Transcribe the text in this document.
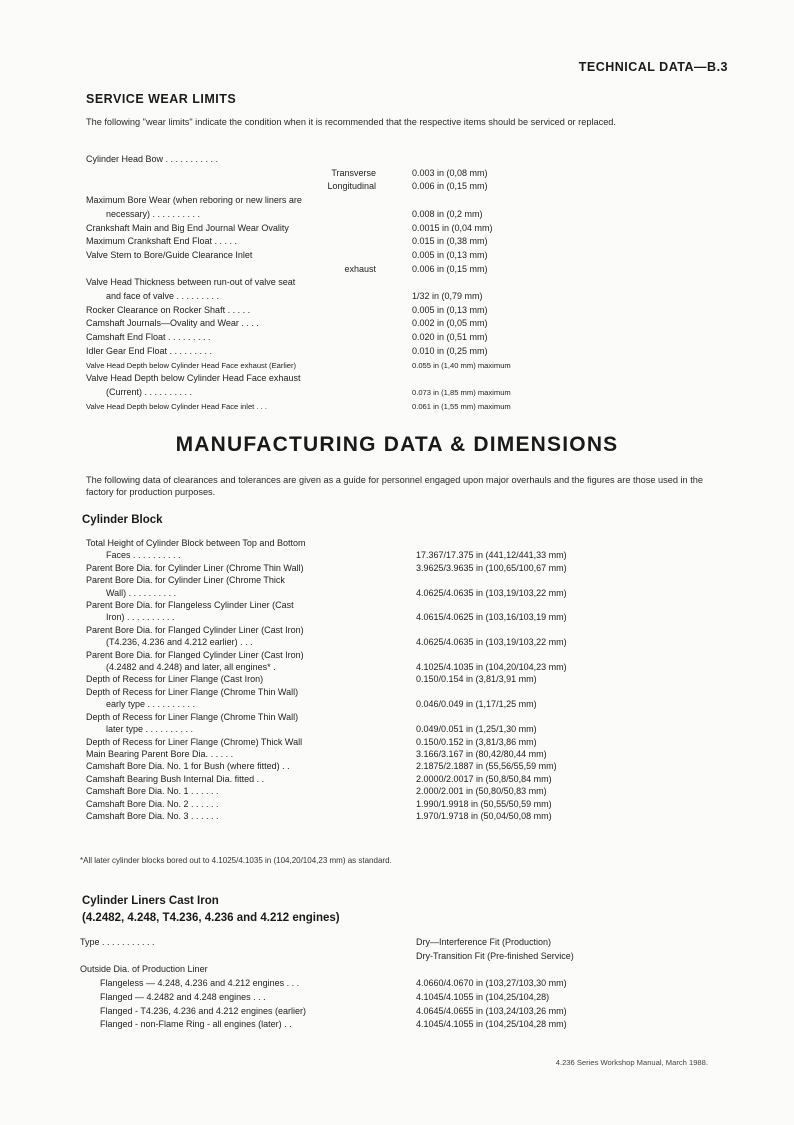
TECHNICAL DATA—B.3
SERVICE WEAR LIMITS
The following "wear limits" indicate the condition when it is recommended that the respective items should be serviced or replaced.
Cylinder Head Bow . . . . . . . . . . .
Transverse	0.003 in (0,08 mm)
Longitudinal	0.006 in (0,15 mm)
Maximum Bore Wear (when reboring or new liners are
necessary) . . . . . . . . . .	0.008 in (0,2 mm)
Crankshaft Main and Big End Journal Wear Ovality	0.0015 in (0,04 mm)
Maximum Crankshaft End Float . . . . .	0.015 in (0,38 mm)
Valve Stem to Bore/Guide Clearance Inlet	0.005 in (0,13 mm)
exhaust	0.006 in (0,15 mm)
Valve Head Thickness between run-out of valve seat
and face of valve . . . . . . . . .	1/32 in (0,79 mm)
Rocker Clearance on Rocker Shaft . . . . .	0.005 in (0,13 mm)
Camshaft Journals—Ovality and Wear . . . .	0.002 in (0,05 mm)
Camshaft End Float . . . . . . . . .	0.020 in (0,51 mm)
Idler Gear End Float . . . . . . . . .	0.010 in (0,25 mm)
Valve Head Depth below Cylinder Head Face exhaust (Earlier)	0.055 in (1,40 mm) maximum
Valve Head Depth below Cylinder Head Face exhaust
(Current) . . . . . . . . . .	0.073 in (1,85 mm) maximum
Valve Head Depth below Cylinder Head Face inlet . . .	0.061 in (1,55 mm) maximum
MANUFACTURING DATA & DIMENSIONS
The following data of clearances and tolerances are given as a guide for personnel engaged upon major overhauls and the figures are those used in the factory for production purposes.
Cylinder Block
Total Height of Cylinder Block between Top and Bottom
Faces . . . . . . . . . .	17.367/17.375 in (441,12/441,33 mm)
Parent Bore Dia. for Cylinder Liner (Chrome Thin Wall)	3.9625/3.9635 in (100,65/100,67 mm)
Parent Bore Dia. for Cylinder Liner (Chrome Thick
Wall) . . . . . . . . . .	4.0625/4.0635 in (103,19/103,22 mm)
Parent Bore Dia. for Flangeless Cylinder Liner (Cast
Iron) . . . . . . . . . .	4.0615/4.0625 in (103,16/103,19 mm)
Parent Bore Dia. for Flanged Cylinder Liner (Cast Iron)
(T4.236, 4.236 and 4.212 earlier) . . .	4.0625/4.0635 in (103,19/103,22 mm)
Parent Bore Dia. for Flanged Cylinder Liner (Cast Iron)
(4.2482 and 4.248) and later, all engines* .	4.1025/4.1035 in (104,20/104,23 mm)
Depth of Recess for Liner Flange (Cast Iron)	0.150/0.154 in (3,81/3,91 mm)
Depth of Recess for Liner Flange (Chrome Thin Wall)
early type . . . . . . . . . .	0.046/0.049 in (1,17/1,25 mm)
Depth of Recess for Liner Flange (Chrome Thin Wall)
later type . . . . . . . . . .	0.049/0.051 in (1,25/1,30 mm)
Depth of Recess for Liner Flange (Chrome) Thick Wall	0.150/0.152 in (3,81/3,86 mm)
Main Bearing Parent Bore Dia. . . . . .	3.166/3.167 in (80,42/80,44 mm)
Camshaft Bore Dia. No. 1 for Bush (where fitted) . .	2.1875/2.1887 in (55,56/55,59 mm)
Camshaft Bearing Bush Internal Dia. fitted . .	2.0000/2.0017 in (50,8/50,84 mm)
Camshaft Bore Dia. No. 1 . . . . . .	2.000/2.001 in (50,80/50,83 mm)
Camshaft Bore Dia. No. 2 . . . . . .	1.990/1.9918 in (50,55/50,59 mm)
Camshaft Bore Dia. No. 3 . . . . . .	1.970/1.9718 in (50,04/50,08 mm)
*All later cylinder blocks bored out to 4.1025/4.1035 in (104,20/104,23 mm) as standard.
Cylinder Liners Cast Iron
(4.2482, 4.248, T4.236, 4.236 and 4.212 engines)
Type . . . . . . . . . . .	Dry—Interference Fit (Production)
Dry-Transition Fit (Pre-finished Service)
Outside Dia. of Production Liner
Flangeless — 4.248, 4.236 and 4.212 engines . . .	4.0660/4.0670 in (103,27/103,30 mm)
Flanged — 4.2482 and 4.248 engines . . .	4.1045/4.1055 in (104,25/104,28)
Flanged - T4.236, 4.236 and 4.212 engines (earlier)	4.0645/4.0655 in (103,24/103,26 mm)
Flanged - non-Flame Ring - all engines (later) . .	4.1045/4.1055 in (104,25/104,28 mm)
4.236 Series Workshop Manual, March 1988.
